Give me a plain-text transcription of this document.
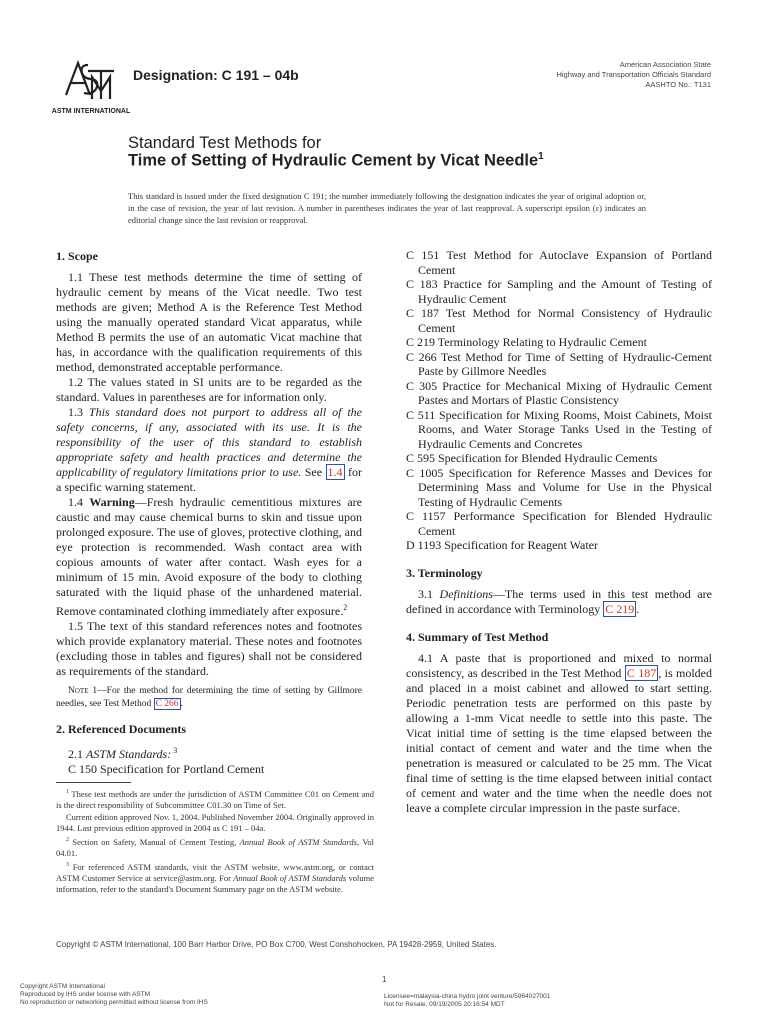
ASTM INTERNATIONAL
Designation: C 191 – 04b
American Association State
Highway and Transportation Officials Standard
AASHTO No.: T131
Standard Test Methods for
Time of Setting of Hydraulic Cement by Vicat Needle$^1$
This standard is issued under the fixed designation C 191; the number immediately following the designation indicates the year of original adoption or, in the case of revision, the year of last revision. A number in parentheses indicates the year of last reapproval. A superscript epsilon (ε) indicates an editorial change since the last revision or reapproval.
1. Scope

1.1 These test methods determine the time of setting of hydraulic cement by means of the Vicat needle. Two test methods are given; Method A is the Reference Test Method using the manually operated standard Vicat apparatus, while Method B permits the use of an automatic Vicat machine that has, in accordance with the qualification requirements of this method, demonstrated acceptable performance.

1.2 The values stated in SI units are to be regarded as the standard. Values in parentheses are for information only.

1.3 This standard does not purport to address all of the safety concerns, if any, associated with its use. It is the responsibility of the user of this standard to establish appropriate safety and health practices and determine the applicability of regulatory limitations prior to use. See 1.4 for a specific warning statement.

1.4 Warning—Fresh hydraulic cementitious mixtures are caustic and may cause chemical burns to skin and tissue upon prolonged exposure. The use of gloves, protective clothing, and eye protection is recommended. Wash contact area with copious amounts of water after contact. Wash eyes for a minimum of 15 min. Avoid exposure of the body to clothing saturated with the liquid phase of the unhardened material. Remove contaminated clothing immediately after exposure.$^2$

1.5 The text of this standard references notes and footnotes which provide explanatory material. These notes and footnotes (excluding those in tables and figures) shall not be considered as requirements of the standard.

Note 1—For the method for determining the time of setting by Gillmore needles, see Test Method C 266 .

2. Referenced Documents

2.1 ASTM Standards: $^3$

C 150 Specification for Portland Cement

C 151 Test Method for Autoclave Expansion of Portland Cement

C 183 Practice for Sampling and the Amount of Testing of Hydraulic Cement

C 187 Test Method for Normal Consistency of Hydraulic Cement

C 219 Terminology Relating to Hydraulic Cement

C 266 Test Method for Time of Setting of Hydraulic-Cement Paste by Gillmore Needles

C 305 Practice for Mechanical Mixing of Hydraulic Cement Pastes and Mortars of Plastic Consistency

C 511 Specification for Mixing Rooms, Moist Cabinets, Moist Rooms, and Water Storage Tanks Used in the Testing of Hydraulic Cements and Concretes

C 595 Specification for Blended Hydraulic Cements

C 1005 Specification for Reference Masses and Devices for Determining Mass and Volume for Use in the Physical Testing of Hydraulic Cements

C 1157 Performance Specification for Blended Hydraulic Cement

D 1193 Specification for Reagent Water

3. Terminology

3.1 Definitions—The terms used in this test method are defined in accordance with Terminology C 219 .

4. Summary of Test Method

4.1 A paste that is proportioned and mixed to normal consistency, as described in the Test Method C 187 , is molded and placed in a moist cabinet and allowed to start setting. Periodic penetration tests are performed on this paste by allowing a 1-mm Vicat needle to settle into this paste. The Vicat initial time of setting is the time elapsed between the initial contact of cement and water and the time when the penetration is measured or calculated to be 25 mm. The Vicat final time of setting is the time elapsed between initial contact of cement and water and the time when the needle does not leave a complete circular impression in the paste surface.

$^1$ These test methods are under the jurisdiction of ASTM Committee C01 on Cement and is the direct responsibility of Subcommittee C01.30 on Time of Set.

Current edition approved Nov. 1, 2004. Published November 2004. Originally approved in 1944. Last previous edition approved in 2004 as C 191 – 04a.

$^2$ Section on Safety, Manual of Cement Testing, Annual Book of ASTM Standards, Vol 04.01.

$^3$ For referenced ASTM standards, visit the ASTM website, www.astm.org, or contact ASTM Customer Service at service@astm.org. For Annual Book of ASTM Standards volume information, refer to the standard's Document Summary page on the ASTM website.

Copyright © ASTM International, 100 Barr Harbor Drive, PO Box C700, West Conshohocken, PA 19428-2959, United States.
1
Copyright ASTM International
Reproduced by IHS under license with ASTM
No reproduction or networking permitted without license from IHS
Licensee=malaysia-china hydro joint venture/5964027001
Not for Resale, 09/19/2005 20:16:54 MDT
